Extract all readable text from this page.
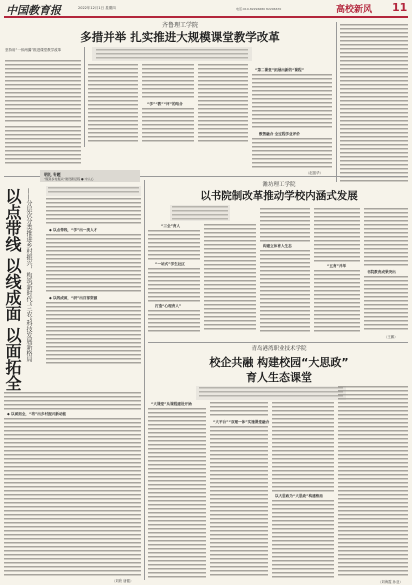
中国教育报	2022年12月1日 星期四	电话:010-82296680 82296670	高校新风 11
齐鲁理工学院
多措并举 扎实推进大规模课堂教学改革
坚持用“一体两翼”推进课堂教学改革
“学”“教”“评”的结合
“第二课堂”拓展出新的“课程”
数智融合 全过程学业评价
（赵振华）
明礼 专题
“服务乡村振兴”建设新征程 ● 中人心
以点带线 以线成面 以面拓全 ——分层次分类推进乡村振兴，构筑新时代“三农”科技发展新格局	◆ 以点带线，“学”出一类人才
◆ 以线成面，“研”出百部资源
◆ 以面拓全，“培”出乡村振兴新动能
（刘欣 唐健）
潍坊理工学院
以书院制改革推动学校内涵式发展
“三全”育人
“一站式”学生社区
打造“心理育人”
构建立体育人生态
“五育”并举
书院教育成果突出
（王鹏）
青岛港湾职业技术学院
校企共融 构建校园“大思政”
育人生态课堂
“大课堂”从课程建设开始
“大平台”“双理一体”实施课堂融合
以大思政为“大思政”构建格局
（刘海霞 孙亚）
